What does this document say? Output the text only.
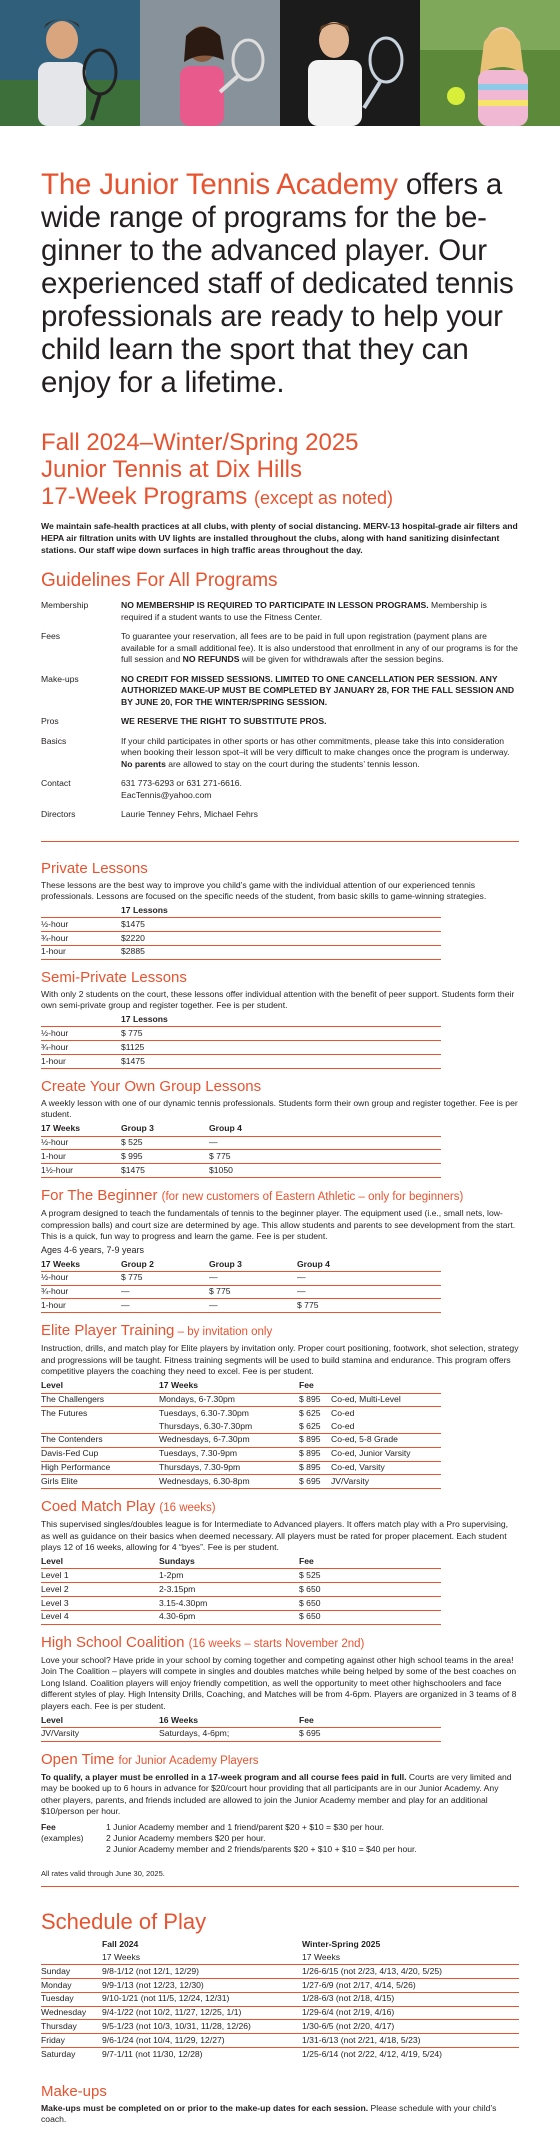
The Junior Tennis Academy offers a wide range of programs for the beginner to the advanced player. Our experienced staff of dedicated tennis professionals are ready to help your child learn the sport that they can enjoy for a lifetime.

Fall 2024–Winter/Spring 2025
Junior Tennis at Dix Hills
17-Week Programs (except as noted)

We maintain safe-health practices at all clubs, with plenty of social distancing. MERV-13 hospital-grade air filters and HEPA air filtration units with UV lights are installed throughout the clubs, along with hand sanitizing disinfectant stations. Our staff wipe down surfaces in high traffic areas throughout the day.

Guidelines For All Programs
Membership	NO MEMBERSHIP IS REQUIRED TO PARTICIPATE IN LESSON PROGRAMS. Membership is required if a student wants to use the Fitness Center.
Fees	To guarantee your reservation, all fees are to be paid in full upon registration (payment plans are available for a small additional fee). It is also understood that enrollment in any of our programs is for the full session and NO REFUNDS will be given for withdrawals after the session begins.
Make-ups	NO CREDIT FOR MISSED SESSIONS. LIMITED TO ONE CANCELLATION PER SESSION. ANY AUTHORIZED MAKE-UP MUST BE COMPLETED BY JANUARY 28, FOR THE FALL SESSION AND BY JUNE 20, FOR THE WINTER/SPRING SESSION.
Pros	WE RESERVE THE RIGHT TO SUBSTITUTE PROS.
Basics	If your child participates in other sports or has other commitments, please take this into consideration when booking their lesson spot–it will be very difficult to make changes once the program is underway. No parents are allowed to stay on the court during the students’ tennis lesson.
Contact	631 773-6293 or 631 271-6616.
EacTennis@yahoo.com
Directors	Laurie Tenney Fehrs, Michael Fehrs
Private Lessons

These lessons are the best way to improve you child’s game with the individual attention of our experienced tennis professionals. Lessons are focused on the specific needs of the student, from basic skills to game-winning strategies.

	17 Lessons
½-hour	$1475
¾-hour	$2220
1-hour	$2885
Semi-Private Lessons

With only 2 students on the court, these lessons offer individual attention with the benefit of peer support. Students form their own semi-private group and register together. Fee is per student.

	17 Lessons
½-hour	$ 775
¾-hour	$1125
1-hour	$1475
Create Your Own Group Lessons

A weekly lesson with one of our dynamic tennis professionals. Students form their own group and register together. Fee is per student.

17 Weeks	Group 3	Group 4
½-hour	$ 525	—
1-hour	$ 995	$ 775
1½-hour	$1475	$1050
For The Beginner (for new customers of Eastern Athletic – only for beginners)

A program designed to teach the fundamentals of tennis to the beginner player. The equipment used (i.e., small nets, low-compression balls) and court size are determined by age. This allow students and parents to see development from the start. This is a quick, fun way to progress and learn the game. Fee is per student.

Ages 4-6 years, 7-9 years

17 Weeks	Group 2	Group 3	Group 4
½-hour	$ 775	—	—
¾-hour	—	$ 775	—
1-hour	—	—	$ 775
Elite Player Training – by invitation only

Instruction, drills, and match play for Elite players by invitation only. Proper court positioning, footwork, shot selection, strategy and progressions will be taught. Fitness training segments will be used to build stamina and endurance. This program offers competitive players the coaching they need to excel. Fee is per student.

Level	17 Weeks	Fee	
The Challengers	Mondays, 6-7.30pm	$ 895	Co-ed, Multi-Level
The Futures	Tuesdays, 6.30-7.30pm	$ 625	Co-ed
	Thursdays, 6.30-7.30pm	$ 625	Co-ed
The Contenders	Wednesdays, 6-7.30pm	$ 895	Co-ed, 5-8 Grade
Davis-Fed Cup	Tuesdays, 7.30-9pm	$ 895	Co-ed, Junior Varsity
High Performance	Thursdays, 7.30-9pm	$ 895	Co-ed, Varsity
Girls Elite	Wednesdays, 6.30-8pm	$ 695	JV/Varsity
Coed Match Play (16 weeks)

This supervised singles/doubles league is for Intermediate to Advanced players. It offers match play with a Pro supervising, as well as guidance on their basics when deemed necessary. All players must be rated for proper placement. Each student plays 12 of 16 weeks, allowing for 4 “byes”. Fee is per student.

Level	Sundays	Fee
Level 1	1-2pm	$ 525
Level 2	2-3.15pm	$ 650
Level 3	3.15-4.30pm	$ 650
Level 4	4.30-6pm	$ 650
High School Coalition (16 weeks – starts November 2nd)

Love your school? Have pride in your school by coming together and competing against other high school teams in the area! Join The Coalition – players will compete in singles and doubles matches while being helped by some of the best coaches on Long Island. Coalition players will enjoy friendly competition, as well the opportunity to meet other highschoolers and face different styles of play. High Intensity Drills, Coaching, and Matches will be from 4-6pm. Players are organized in 3 teams of 8 players each. Fee is per student.

Level	16 Weeks	Fee
JV/Varsity	Saturdays, 4-6pm;	$ 695
Open Time for Junior Academy Players

To qualify, a player must be enrolled in a 17-week program and all course fees paid in full. Courts are very limited and may be booked up to 6 hours in advance for $20/court hour providing that all participants are in our Junior Academy. Any other players, parents, and friends included are allowed to join the Junior Academy member and play for an additional $10/person per hour.

Fee
(examples)
1 Junior Academy member and 1 friend/parent $20 + $10 = $30 per hour.
2 Junior Academy members $20 per hour.
2 Junior Academy member and 2 friends/parents $20 + $10 + $10 = $40 per hour.

All rates valid through June 30, 2025.

Schedule of Play
	Fall 2024	Winter-Spring 2025
	17 Weeks	17 Weeks
Sunday	9/8-1/12 (not 12/1, 12/29)	1/26-6/15 (not 2/23, 4/13, 4/20, 5/25)
Monday	9/9-1/13 (not 12/23, 12/30)	1/27-6/9 (not 2/17, 4/14, 5/26)
Tuesday	9/10-1/21 (not 11/5, 12/24, 12/31)	1/28-6/3 (not 2/18, 4/15)
Wednesday	9/4-1/22 (not 10/2, 11/27, 12/25, 1/1)	1/29-6/4 (not 2/19, 4/16)
Thursday	9/5-1/23 (not 10/3, 10/31, 11/28, 12/26)	1/30-6/5 (not 2/20, 4/17)
Friday	9/6-1/24 (not 10/4, 11/29, 12/27)	1/31-6/13 (not 2/21, 4/18, 5/23)
Saturday	9/7-1/11 (not 11/30, 12/28)	1/25-6/14 (not 2/22, 4/12, 4/19, 5/24)
Make-ups

Make-ups must be completed on or prior to the make-up dates for each session. Please schedule with your child’s coach.
